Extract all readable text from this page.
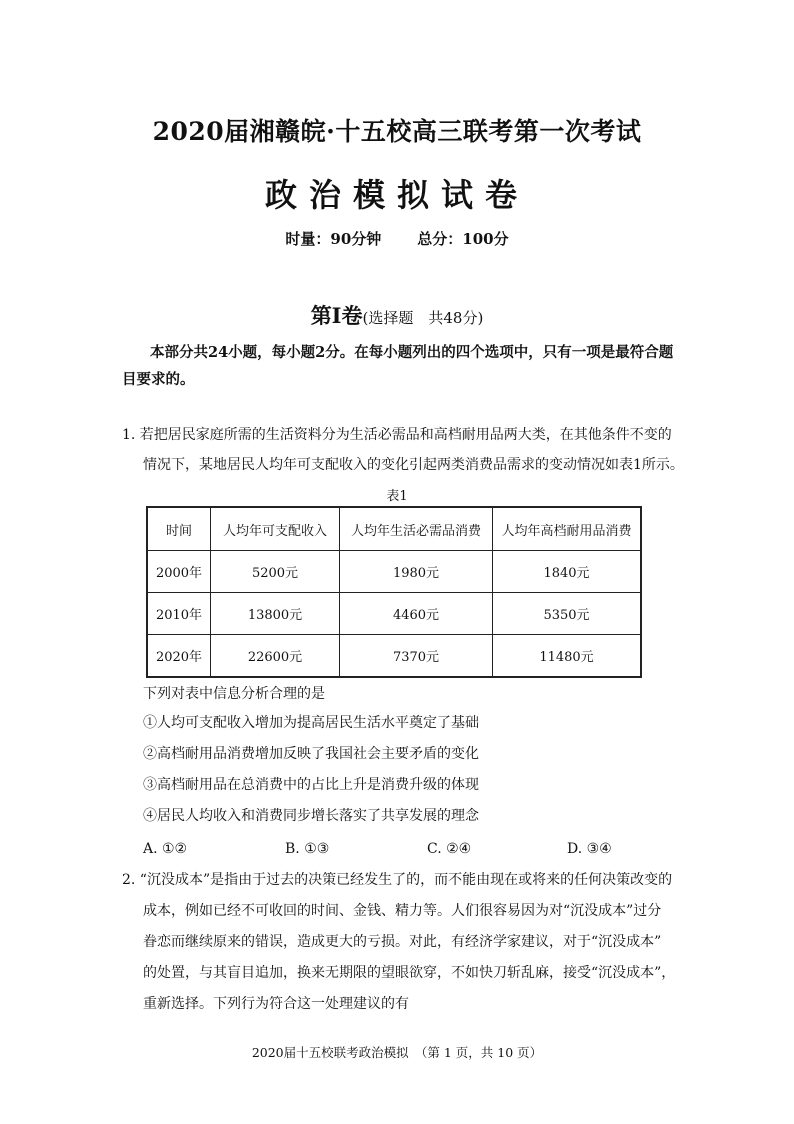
2020届湘赣皖·十五校高三联考第一次考试
政治模拟试卷
时量：90分钟 总分：100分
第Ⅰ卷(选择题　共48分)
本部分共24小题，每小题2分。在每小题列出的四个选项中，只有一项是最符合题目要求的。
1. 若把居民家庭所需的生活资料分为生活必需品和高档耐用品两大类，在其他条件不变的
情况下，某地居民人均年可支配收入的变化引起两类消费品需求的变动情况如表1所示。
表1
时间	人均年可支配收入	人均年生活必需品消费	人均年高档耐用品消费
2000年	5200元	1980元	1840元
2010年	13800元	4460元	5350元
2020年	22600元	7370元	11480元
下列对表中信息分析合理的是
①人均可支配收入增加为提高居民生活水平奠定了基础
②高档耐用品消费增加反映了我国社会主要矛盾的变化
③高档耐用品在总消费中的占比上升是消费升级的体现
④居民人均收入和消费同步增长落实了共享发展的理念
A. ①②	B. ①③	C. ②④	D. ③④
2. “沉没成本”是指由于过去的决策已经发生了的，而不能由现在或将来的任何决策改变的
成本，例如已经不可收回的时间、金钱、精力等。人们很容易因为对“沉没成本”过分
眷恋而继续原来的错误，造成更大的亏损。对此，有经济学家建议，对于“沉没成本”
的处置，与其盲目追加，换来无期限的望眼欲穿，不如快刀斩乱麻，接受“沉没成本”，
重新选择。下列行为符合这一处理建议的有
2020届十五校联考政治模拟　（第 1 页，共 10 页）
